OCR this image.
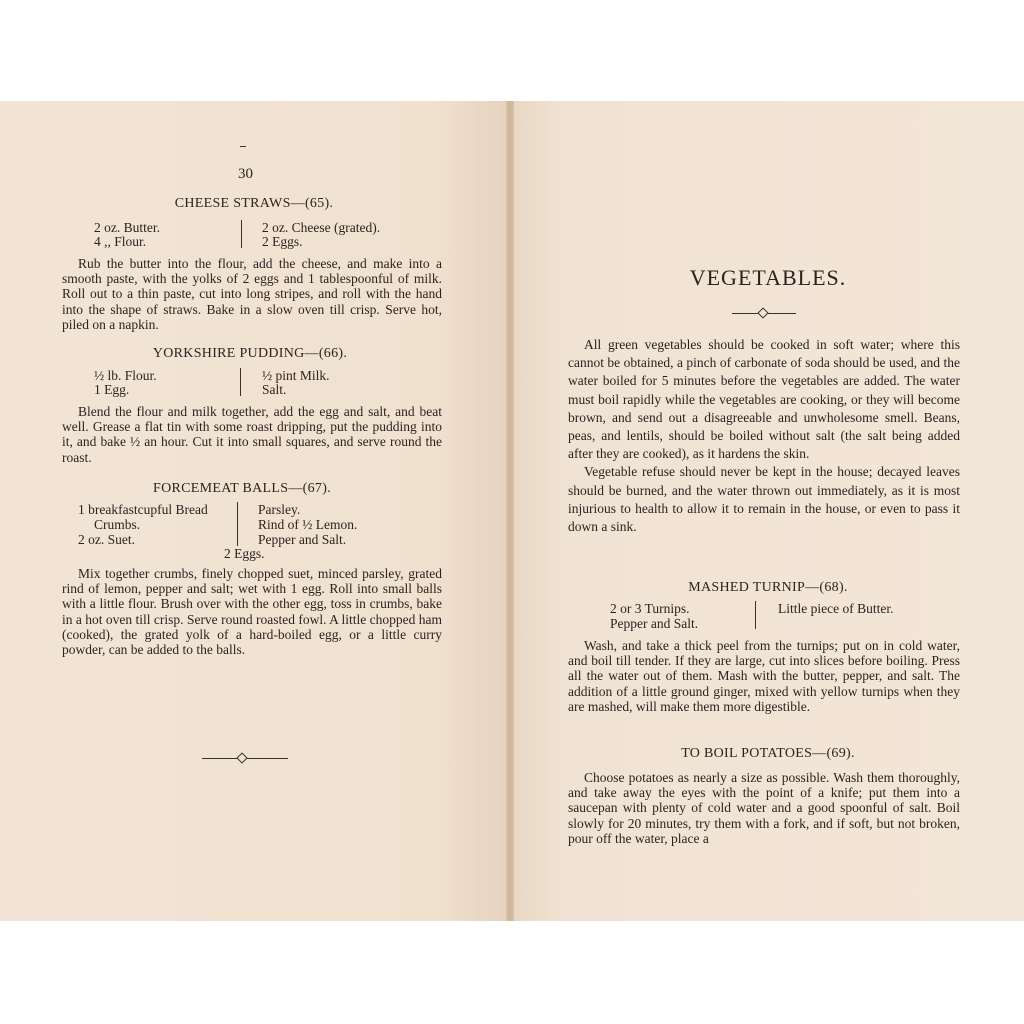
30
CHEESE STRAWS—(65).
2 oz. Butter.
4 ,, Flour.
2 oz. Cheese (grated).
2 Eggs.

Rub the butter into the flour, add the cheese, and make into a smooth paste, with the yolks of 2 eggs and 1 tablespoonful of milk. Roll out to a thin paste, cut into long stripes, and roll with the hand into the shape of straws. Bake in a slow oven till crisp. Serve hot, piled on a napkin.

YORKSHIRE PUDDING—(66).
½ lb. Flour.
1 Egg.
½ pint Milk.
Salt.

Blend the flour and milk together, add the egg and salt, and beat well. Grease a flat tin with some roast dripping, put the pudding into it, and bake ½ an hour. Cut it into small squares, and serve round the roast.

FORCEMEAT BALLS—(67).
1 breakfastcupful Bread
Crumbs.
2 oz. Suet.
Parsley.
Rind of ½ Lemon.
Pepper and Salt.
2 Eggs.

Mix together crumbs, finely chopped suet, minced parsley, grated rind of lemon, pepper and salt; wet with 1 egg. Roll into small balls with a little flour. Brush over with the other egg, toss in crumbs, bake in a hot oven till crisp. Serve round roasted fowl. A little chopped ham (cooked), the grated yolk of a hard-boiled egg, or a little curry powder, can be added to the balls.

VEGETABLES.

All green vegetables should be cooked in soft water; where this cannot be obtained, a pinch of carbonate of soda should be used, and the water boiled for 5 minutes before the vegetables are added. The water must boil rapidly while the vegetables are cooking, or they will become brown, and send out a disagreeable and unwholesome smell. Beans, peas, and lentils, should be boiled without salt (the salt being added after they are cooked), as it hardens the skin.

Vegetable refuse should never be kept in the house; decayed leaves should be burned, and the water thrown out immediately, as it is most injurious to health to allow it to remain in the house, or even to pass it down a sink.

MASHED TURNIP—(68).
2 or 3 Turnips.
Pepper and Salt.
Little piece of Butter.

Wash, and take a thick peel from the turnips; put on in cold water, and boil till tender. If they are large, cut into slices before boiling. Press all the water out of them. Mash with the butter, pepper, and salt. The addition of a little ground ginger, mixed with yellow turnips when they are mashed, will make them more digestible.

TO BOIL POTATOES—(69).

Choose potatoes as nearly a size as possible. Wash them thoroughly, and take away the eyes with the point of a knife; put them into a saucepan with plenty of cold water and a good spoonful of salt. Boil slowly for 20 minutes, try them with a fork, and if soft, but not broken, pour off the water, place a
